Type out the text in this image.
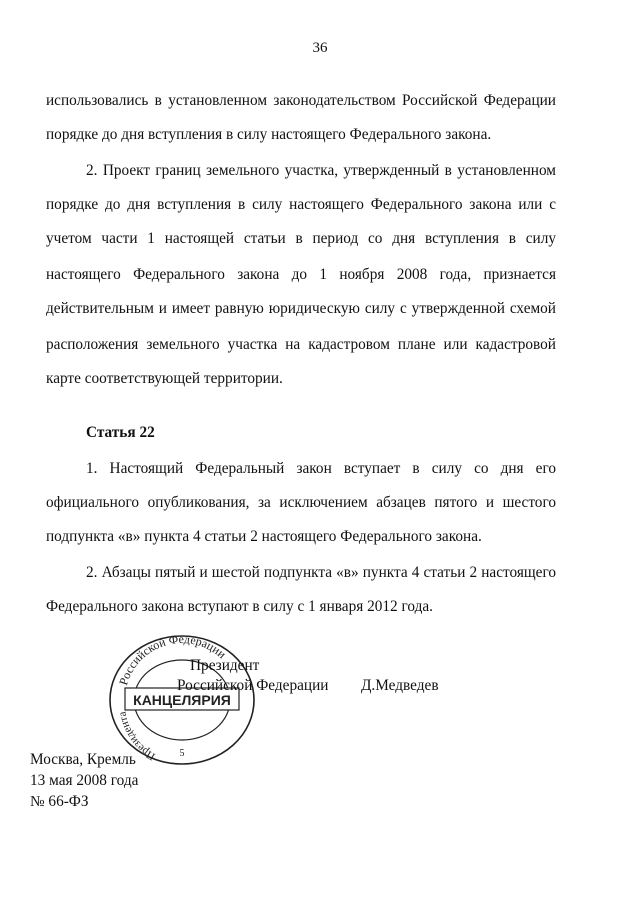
36
использовались в установленном законодательством Российской Федерации
порядке до дня вступления в силу настоящего Федерального закона.
2. Проект границ земельного участка, утвержденный в установленном
порядке до дня вступления в силу настоящего Федерального закона или с
учетом части 1 настоящей статьи в период со дня вступления в силу
настоящего Федерального закона до 1 ноября 2008 года, признается
действительным и имеет равную юридическую силу с утвержденной схемой
расположения земельного участка на кадастровом плане или кадастровой
карте соответствующей территории.
Статья 22
1. Настоящий Федеральный закон вступает в силу со дня его
официального опубликования, за исключением абзацев пятого и шестого
подпункта «в» пункта 4 статьи 2 настоящего Федерального закона.
2. Абзацы пятый и шестой подпункта «в» пункта 4 статьи 2 настоящего
Федерального закона вступают в силу с 1 января 2012 года.
Российской Федерации
Президента
КАНЦЕЛЯРИЯ
5
Президент
Российской Федерации Д.Медведев
Москва, Кремль
13 мая 2008 года
№ 66-ФЗ
